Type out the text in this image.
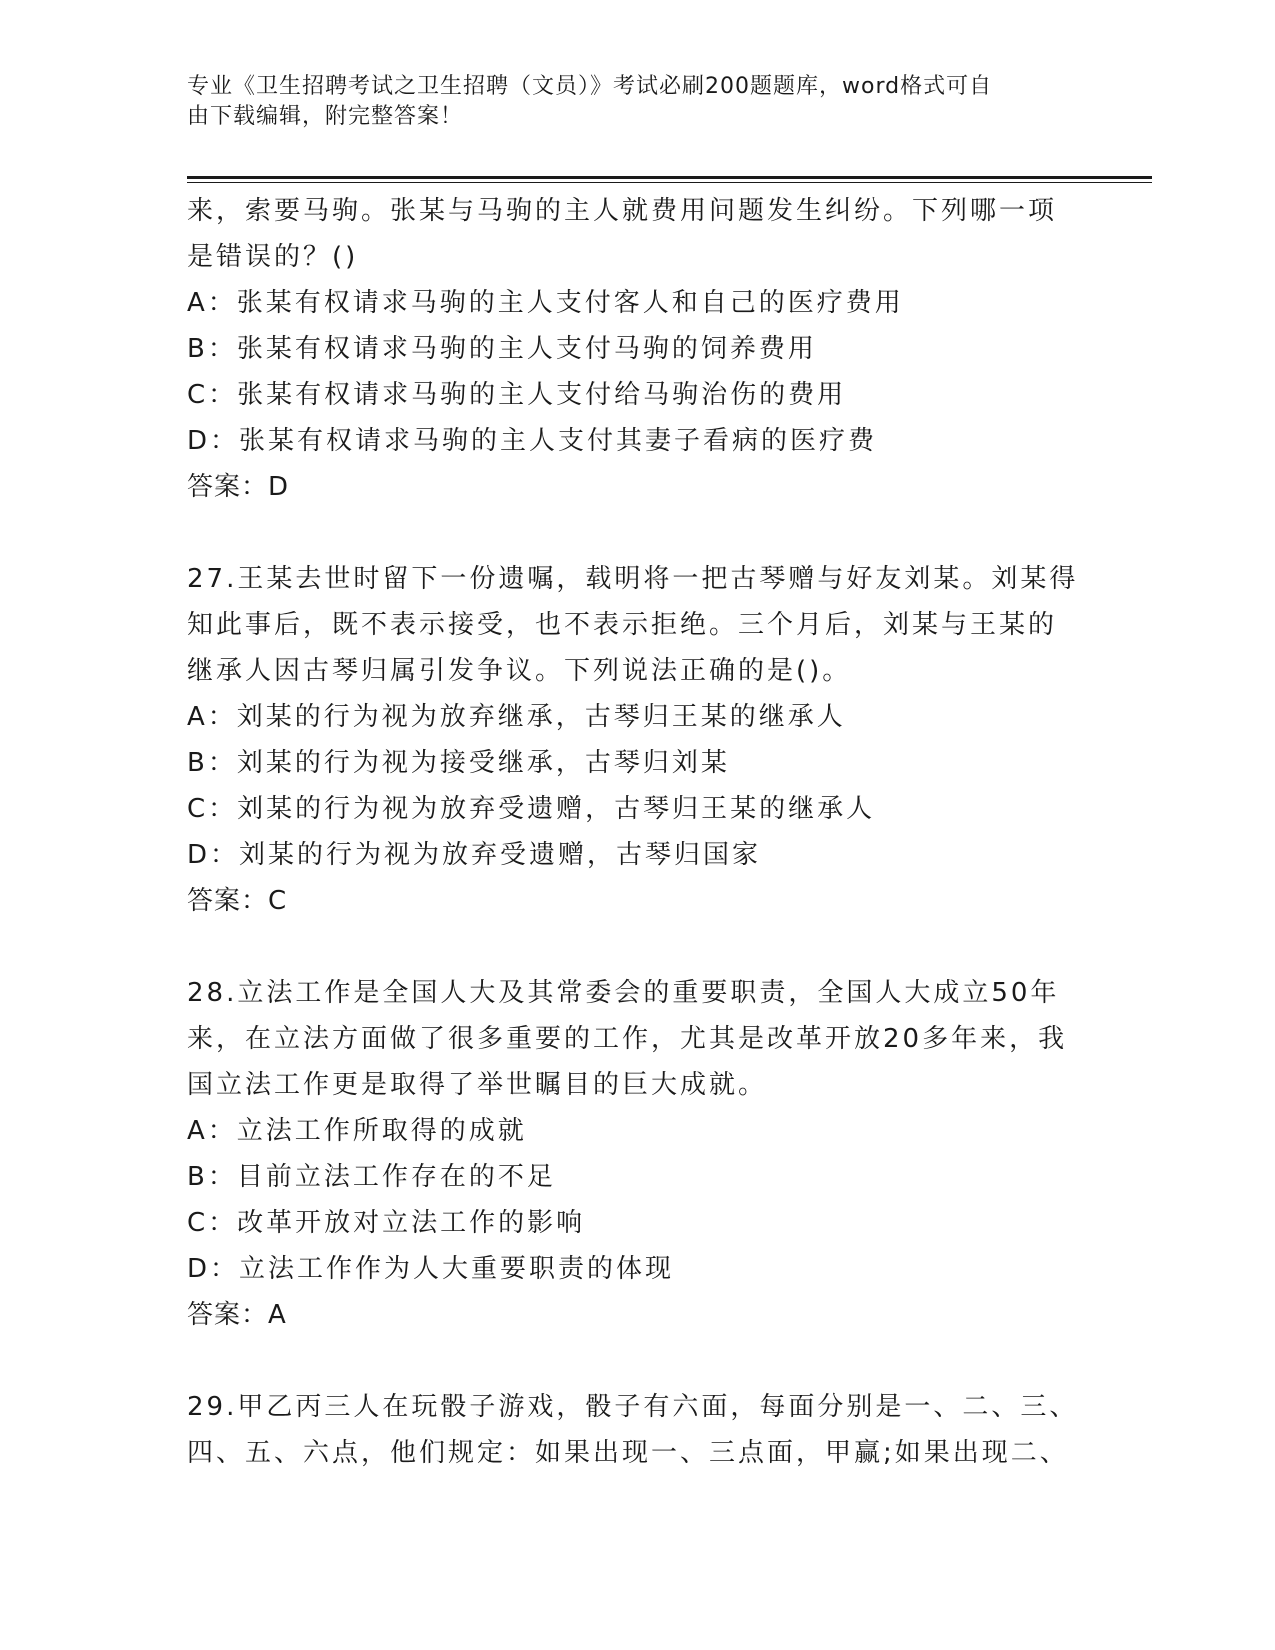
专业《卫生招聘考试之卫生招聘（文员）》考试必刷200题题库，word格式可自
由下载编辑，附完整答案！
来，索要马驹。张某与马驹的主人就费用问题发生纠纷。下列哪一项
是错误的？()
A：张某有权请求马驹的主人支付客人和自己的医疗费用
B：张某有权请求马驹的主人支付马驹的饲养费用
C：张某有权请求马驹的主人支付给马驹治伤的费用
D：张某有权请求马驹的主人支付其妻子看病的医疗费
答案：D
27.王某去世时留下一份遗嘱，载明将一把古琴赠与好友刘某。刘某得
知此事后，既不表示接受，也不表示拒绝。三个月后，刘某与王某的
继承人因古琴归属引发争议。下列说法正确的是()。
A：刘某的行为视为放弃继承，古琴归王某的继承人
B：刘某的行为视为接受继承，古琴归刘某
C：刘某的行为视为放弃受遗赠，古琴归王某的继承人
D：刘某的行为视为放弃受遗赠，古琴归国家
答案：C
28.立法工作是全国人大及其常委会的重要职责，全国人大成立50年
来，在立法方面做了很多重要的工作，尤其是改革开放20多年来，我
国立法工作更是取得了举世瞩目的巨大成就。
A：立法工作所取得的成就
B：目前立法工作存在的不足
C：改革开放对立法工作的影响
D：立法工作作为人大重要职责的体现
答案：A
29.甲乙丙三人在玩骰子游戏，骰子有六面，每面分别是一、二、三、
四、五、六点，他们规定：如果出现一、三点面，甲赢;如果出现二、
